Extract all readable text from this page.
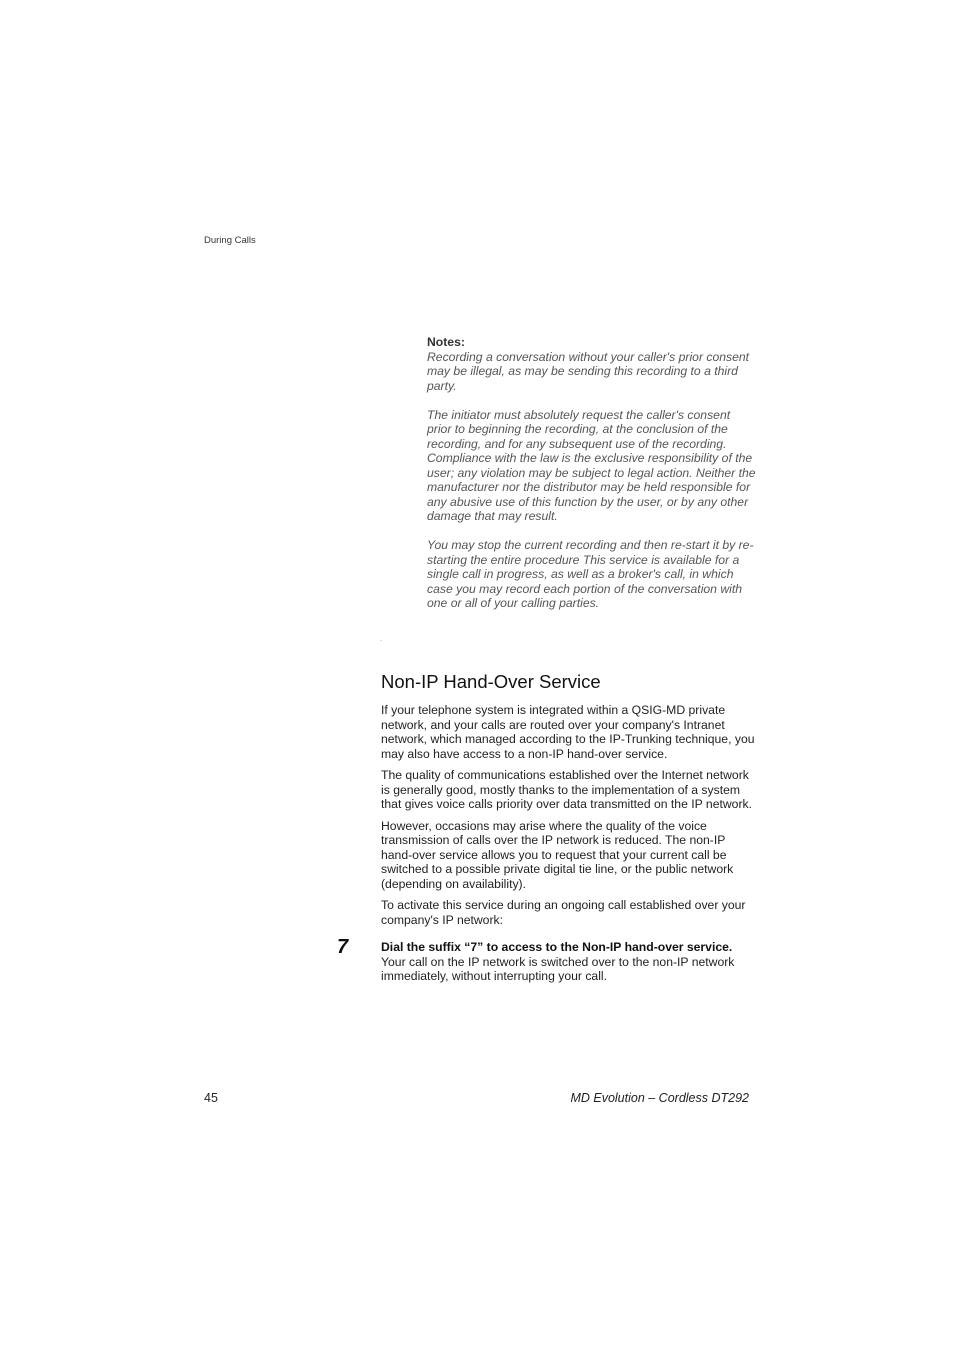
During Calls
Notes:

Recording a conversation without your caller's prior consent may be illegal, as may be sending this recording to a third party.

The initiator must absolutely request the caller's consent prior to beginning the recording, at the conclusion of the recording, and for any subsequent use of the recording. Compliance with the law is the exclusive responsibility of the user; any violation may be subject to legal action. Neither the manufacturer nor the distributor may be held responsible for any abusive use of this function by the user, or by any other damage that may result.

You may stop the current recording and then re-start it by re-starting the entire procedure This service is available for a single call in progress, as well as a broker's call, in which case you may record each portion of the conversation with one or all of your calling parties.

.
Non-IP Hand-Over Service

If your telephone system is integrated within a QSIG-MD private network, and your calls are routed over your company's Intranet network, which managed according to the IP-Trunking technique, you may also have access to a non-IP hand-over service.

The quality of communications established over the Internet network is generally good, mostly thanks to the implementation of a system that gives voice calls priority over data transmitted on the IP network.

However, occasions may arise where the quality of the voice transmission of calls over the IP network is reduced. The non-IP hand-over service allows you to request that your current call be switched to a possible private digital tie line, or the public network (depending on availability).

To activate this service during an ongoing call established over your company's IP network:

7	Dial the suffix “7” to access to the Non-IP hand-over service.
Your call on the IP network is switched over to the non-IP network immediately, without interrupting your call.
45	MD Evolution – Cordless DT292
